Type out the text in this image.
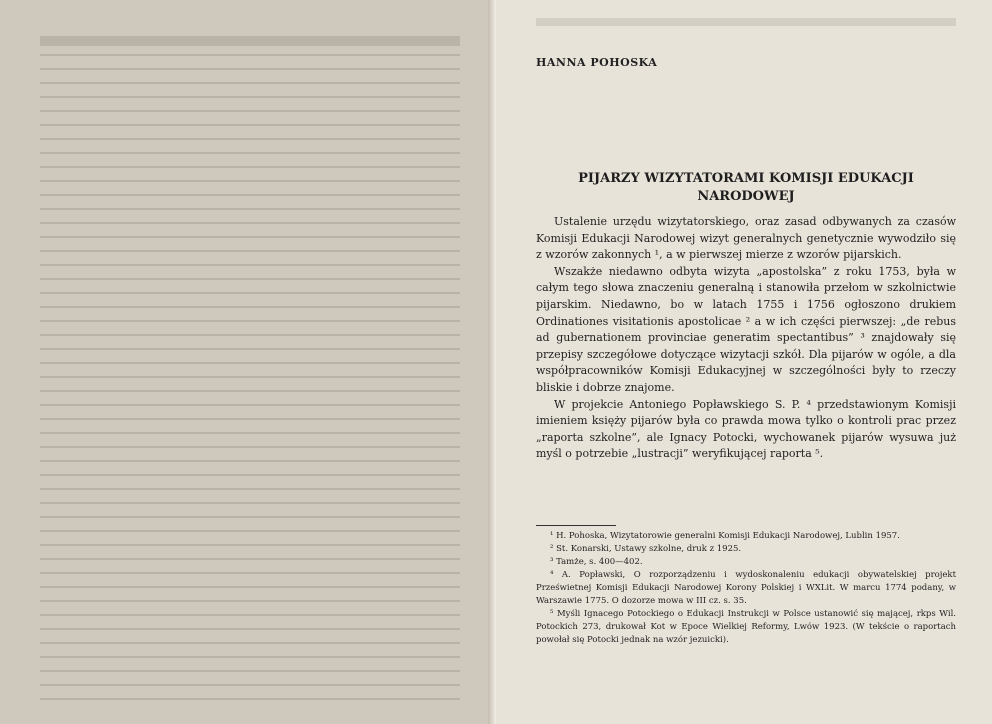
HANNA POHOSKA
PIJARZY WIZYTATORAMI KOMISJI EDUKACJI NARODOWEJ

Ustalenie urzędu wizytatorskiego, oraz zasad odbywanych za czasów Komisji Edukacji Narodowej wizyt generalnych genetycznie wywodziło się z wzorów zakonnych ¹, a w pierwszej mierze z wzorów pijarskich.

Wszakże niedawno odbyta wizyta „apostolska” z roku 1753, była w całym tego słowa znaczeniu generalną i stanowiła przełom w szkolnictwie pijarskim. Niedawno, bo w latach 1755 i 1756 ogłoszono drukiem Ordinationes visitationis apostolicae ² a w ich części pierwszej: „de rebus ad gubernationem provinciae generatim spectantibus” ³ znajdowały się przepisy szczegółowe dotyczące wizytacji szkół. Dla pijarów w ogóle, a dla współpracowników Komisji Edukacyjnej w szczególności były to rzeczy bliskie i dobrze znajome.

W projekcie Antoniego Popławskiego S. P. ⁴ przedstawionym Komisji imieniem księży pijarów była co prawda mowa tylko o kontroli prac przez „raporta szkolne”, ale Ignacy Potocki, wychowanek pijarów wysuwa już myśl o potrzebie „lustracji” weryfikującej raporta ⁵.

¹ H. Pohoska, Wizytatorowie generalni Komisji Edukacji Narodowej, Lublin 1957.
² St. Konarski, Ustawy szkolne, druk z 1925.
³ Tamże, s. 400—402.
⁴ A. Popławski, O rozporządzeniu i wydoskonaleniu edukacji obywatelskiej projekt Prześwietnej Komisji Edukacji Narodowej Korony Polskiej i WXLit. W marcu 1774 podany, w Warszawie 1775. O dozorze mowa w III cz. s. 35.
⁵ Myśli Ignacego Potockiego o Edukacji Instrukcji w Polsce ustanowić się mającej, rkps Wil. Potockich 273, drukował Kot w Epoce Wielkiej Reformy, Lwów 1923. (W tekście o raportach powołał się Potocki jednak na wzór jezuicki).
